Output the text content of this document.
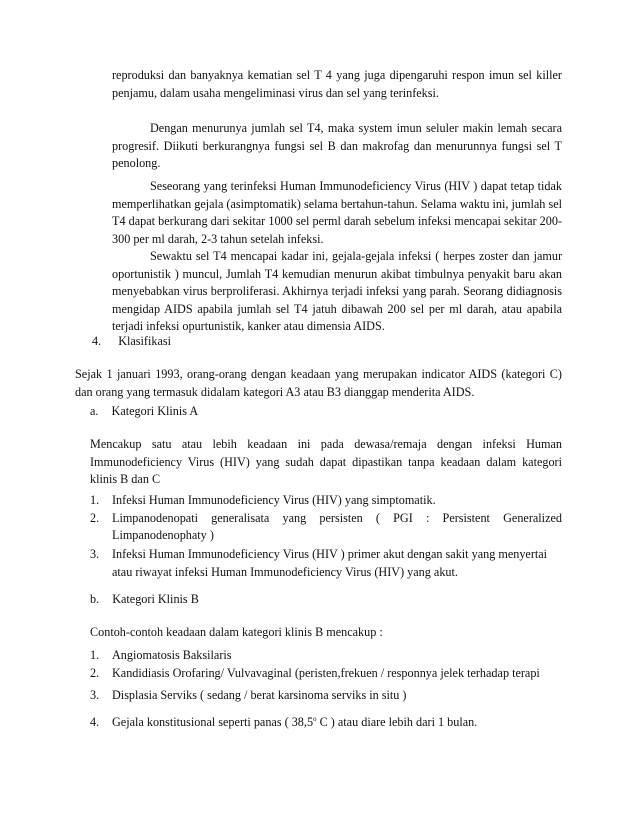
reproduksi dan banyaknya kematian sel T 4 yang juga dipengaruhi respon imun sel killer penjamu, dalam usaha mengeliminasi virus dan sel yang terinfeksi.

Dengan menurunya jumlah sel T4, maka system imun seluler makin lemah secara progresif. Diikuti berkurangnya fungsi sel B dan makrofag dan menurunnya fungsi sel T penolong.

Seseorang yang terinfeksi Human Immunodeficiency Virus (HIV ) dapat tetap tidak memperlihatkan gejala (asimptomatik) selama bertahun-tahun. Selama waktu ini, jumlah sel T4 dapat berkurang dari sekitar 1000 sel perml darah sebelum infeksi mencapai sekitar 200-300 per ml darah, 2-3 tahun setelah infeksi.

Sewaktu sel T4 mencapai kadar ini, gejala-gejala infeksi ( herpes zoster dan jamur oportunistik ) muncul, Jumlah T4 kemudian menurun akibat timbulnya penyakit baru akan menyebabkan virus berproliferasi. Akhirnya terjadi infeksi yang parah. Seorang didiagnosis mengidap AIDS apabila jumlah sel T4 jatuh dibawah 200 sel per ml darah, atau apabila terjadi infeksi opurtunistik, kanker atau dimensia AIDS.

4. Klasifikasi

Sejak 1 januari 1993, orang-orang dengan keadaan yang merupakan indicator AIDS (kategori C) dan orang yang termasuk didalam kategori A3 atau B3 dianggap menderita AIDS.

a. Kategori Klinis A

Mencakup satu atau lebih keadaan ini pada dewasa/remaja dengan infeksi Human Immunodeficiency Virus (HIV) yang sudah dapat dipastikan tanpa keadaan dalam kategori klinis B dan C

1. Infeksi Human Immunodeficiency Virus (HIV) yang simptomatik.
2. Limpanodenopati generalisata yang persisten ( PGI : Persistent Generalized Limpanodenophaty )
3. Infeksi Human Immunodeficiency Virus (HIV ) primer akut dengan sakit yang menyertai atau riwayat infeksi Human Immunodeficiency Virus (HIV) yang akut.
b. Kategori Klinis B

Contoh-contoh keadaan dalam kategori klinis B mencakup :

1. Angiomatosis Baksilaris
2. Kandidiasis Orofaring/ Vulvavaginal (peristen,frekuen / responnya jelek terhadap terapi
3. Displasia Serviks ( sedang / berat karsinoma serviks in situ )
4. Gejala konstitusional seperti panas ( 38,5$^o$ C ) atau diare lebih dari 1 bulan.
